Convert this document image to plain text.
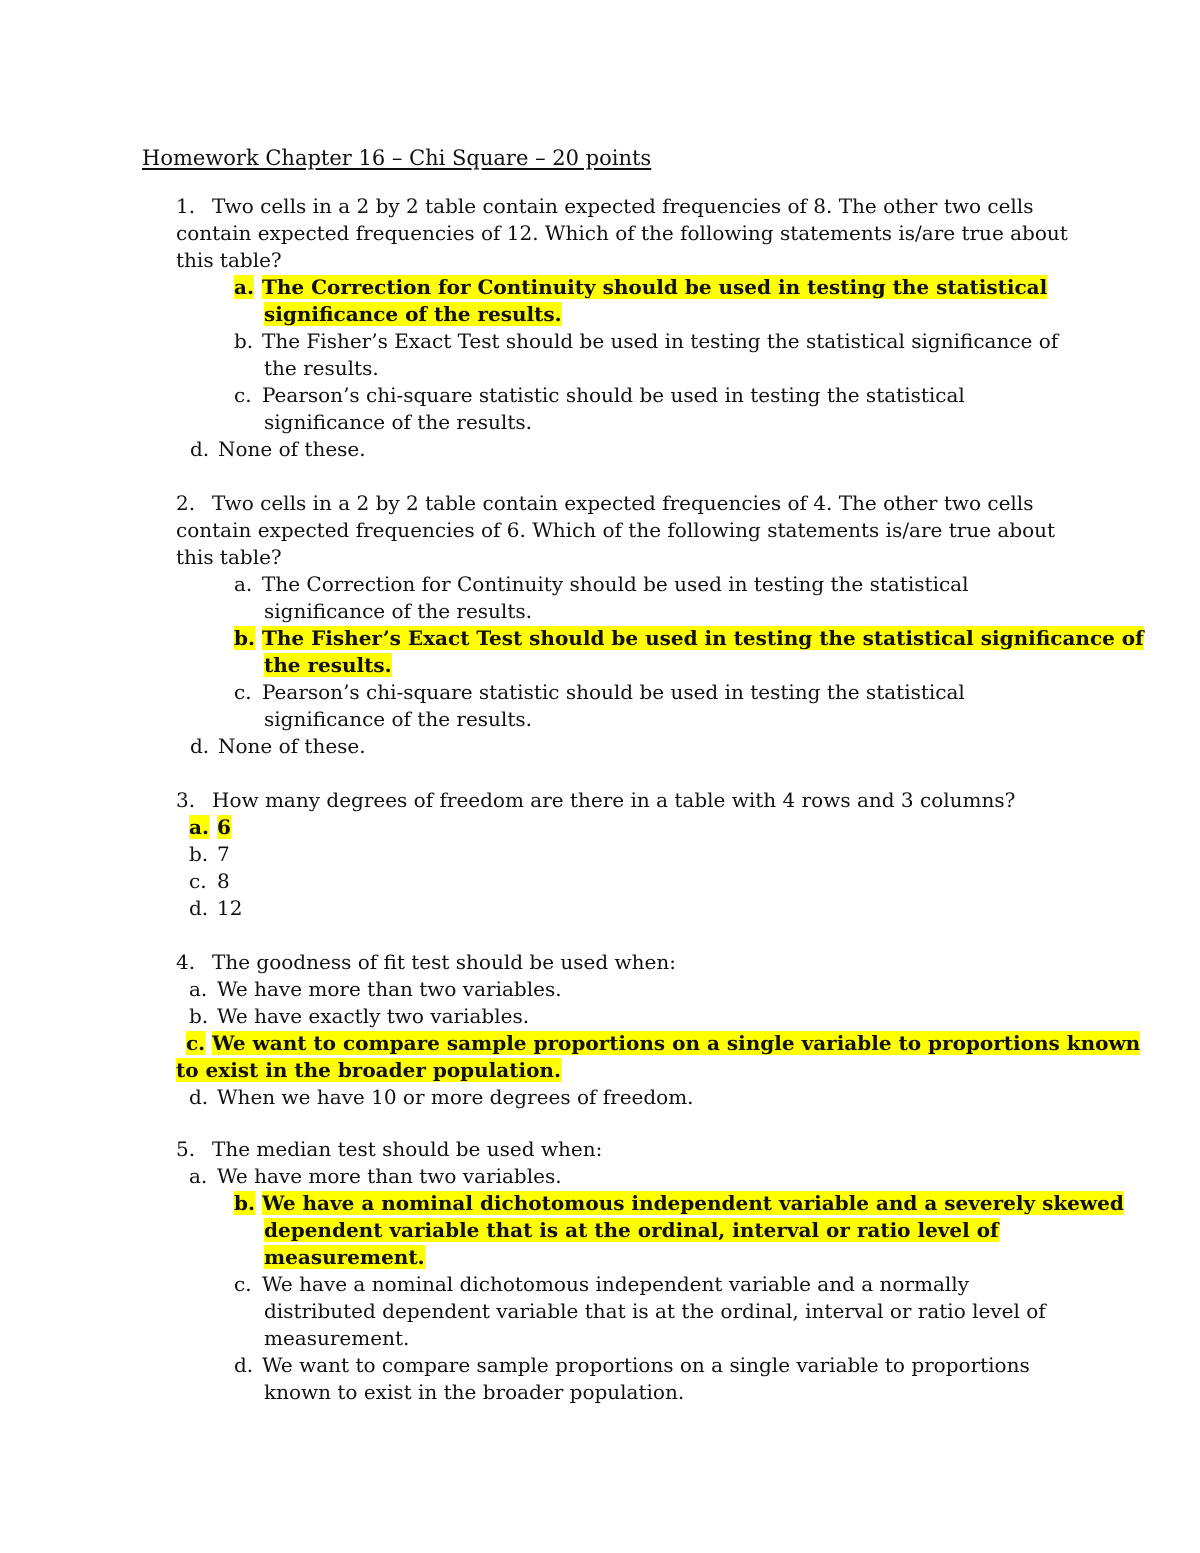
Homework Chapter 16 – Chi Square – 20 points
1. Two cells in a 2 by 2 table contain expected frequencies of 8. The other two cells
contain expected frequencies of 12. Which of the following statements is/are true about
this table?
a. The Correction for Continuity should be used in testing the statistical
significance of the results.
b. The Fisher’s Exact Test should be used in testing the statistical significance of
the results.
c. Pearson’s chi-square statistic should be used in testing the statistical
significance of the results.
d. None of these.
2. Two cells in a 2 by 2 table contain expected frequencies of 4. The other two cells
contain expected frequencies of 6. Which of the following statements is/are true about
this table?
a. The Correction for Continuity should be used in testing the statistical
significance of the results.
b. The Fisher’s Exact Test should be used in testing the statistical significance of
the results.
c. Pearson’s chi-square statistic should be used in testing the statistical
significance of the results.
d. None of these.
3. How many degrees of freedom are there in a table with 4 rows and 3 columns?
a. 6
b. 7
c. 8
d. 12
4. The goodness of fit test should be used when:
a. We have more than two variables.
b. We have exactly two variables.
c. We want to compare sample proportions on a single variable to proportions known
to exist in the broader population.
d. When we have 10 or more degrees of freedom.
5. The median test should be used when:
a. We have more than two variables.
b. We have a nominal dichotomous independent variable and a severely skewed
dependent variable that is at the ordinal, interval or ratio level of
measurement.
c. We have a nominal dichotomous independent variable and a normally
distributed dependent variable that is at the ordinal, interval or ratio level of
measurement.
d. We want to compare sample proportions on a single variable to proportions
known to exist in the broader population.
